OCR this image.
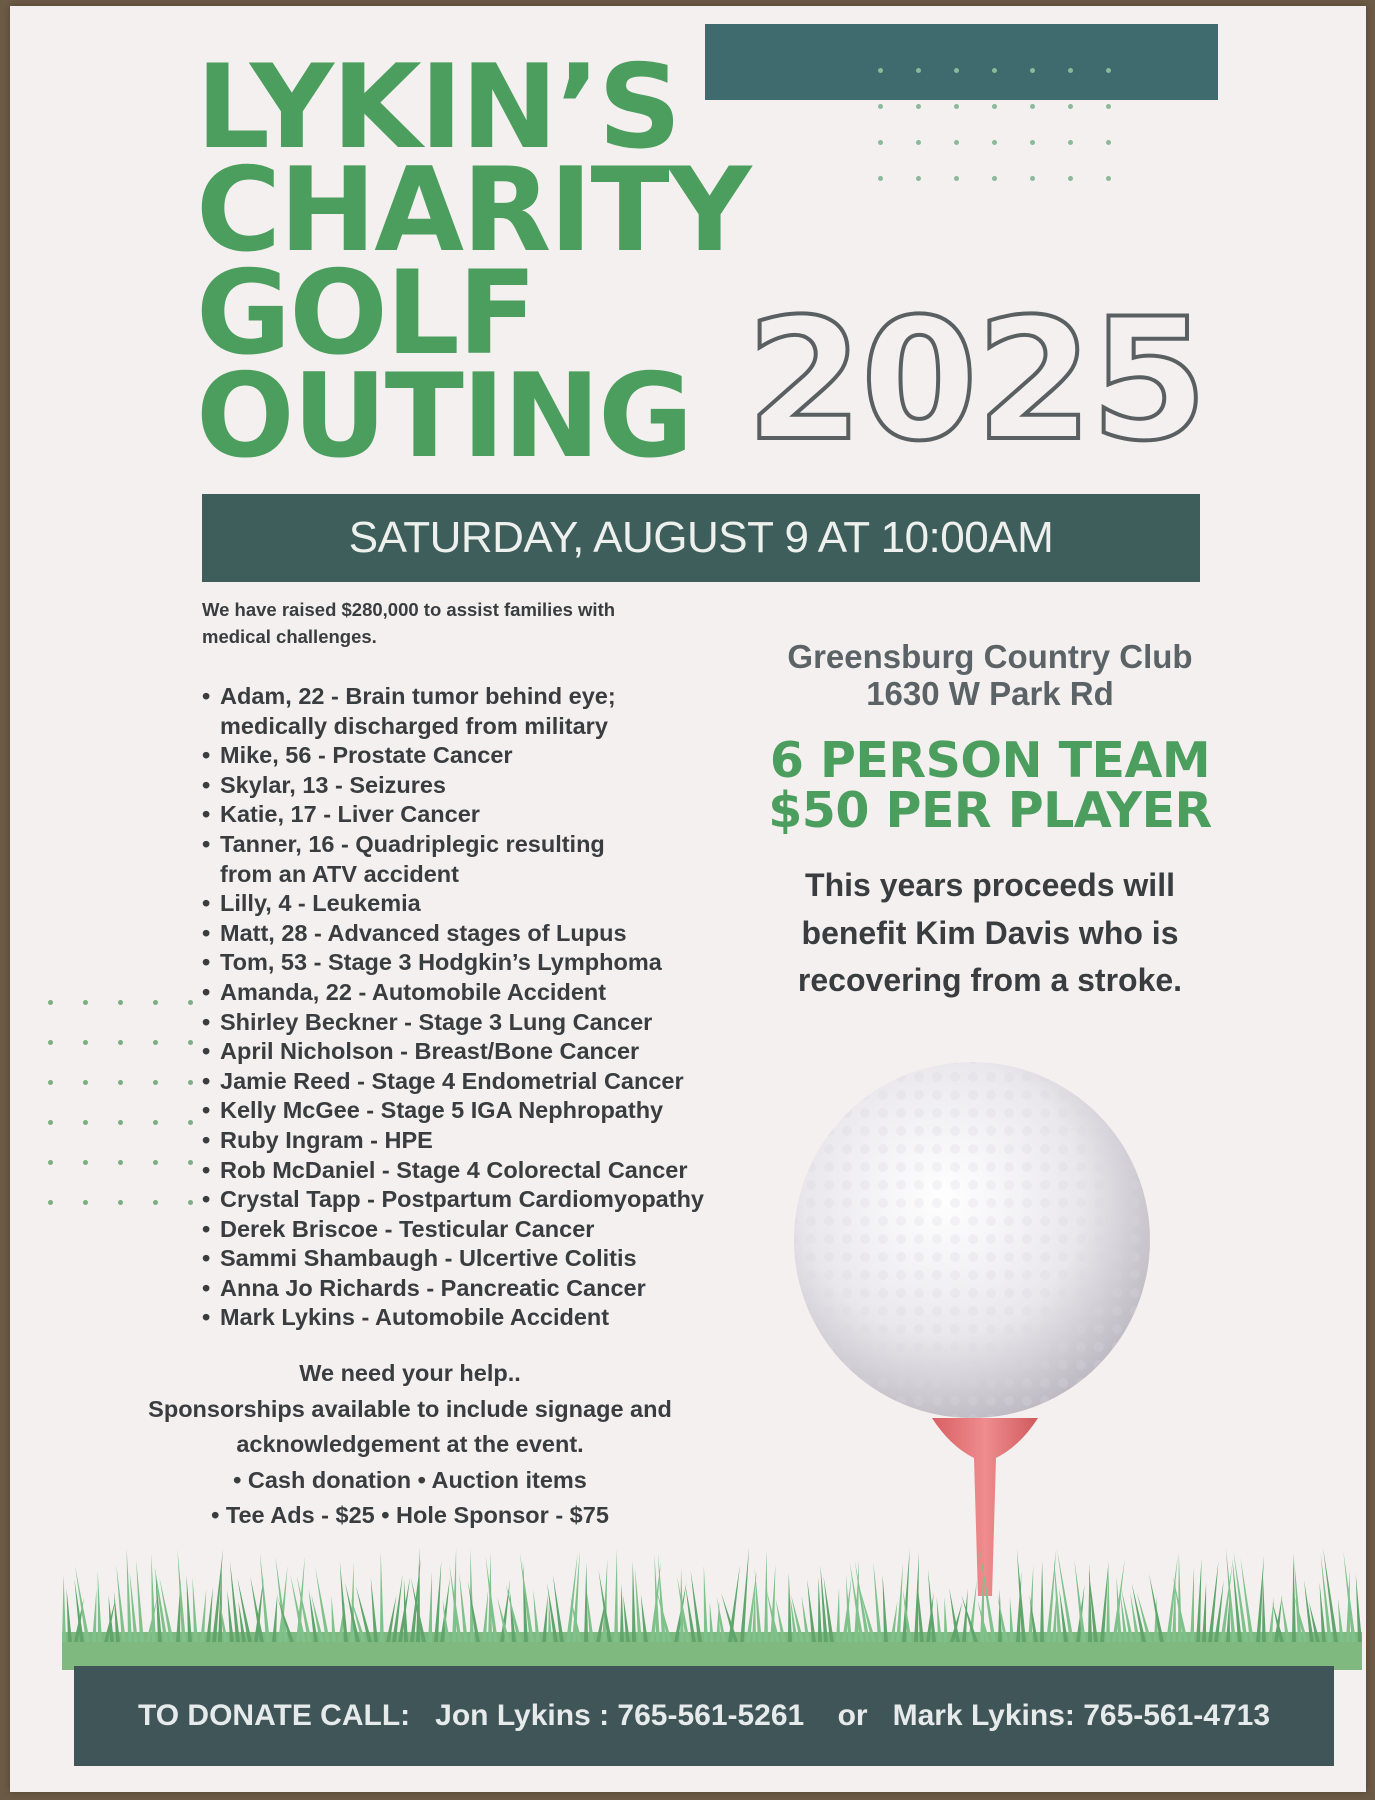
LYKIN’S
CHARITY
GOLF
OUTING 2025
SATURDAY, AUGUST 9 AT 10:00AM

We have raised $280,000 to assist families with medical challenges.

• Adam, 22 - Brain tumor behind eye; medically discharged from military
• Mike, 56 - Prostate Cancer
• Skylar, 13 - Seizures
• Katie, 17 - Liver Cancer
• Tanner, 16 - Quadriplegic resulting from an ATV accident
• Lilly, 4 - Leukemia
• Matt, 28 - Advanced stages of Lupus
• Tom, 53 - Stage 3 Hodgkin’s Lymphoma
• Amanda, 22 - Automobile Accident
• Shirley Beckner - Stage 3 Lung Cancer
• April Nicholson - Breast/Bone Cancer
• Jamie Reed - Stage 4 Endometrial Cancer
• Kelly McGee - Stage 5 IGA Nephropathy
• Ruby Ingram - HPE
• Rob McDaniel - Stage 4 Colorectal Cancer
• Crystal Tapp - Postpartum Cardiomyopathy
• Derek Briscoe - Testicular Cancer
• Sammi Shambaugh - Ulcertive Colitis
• Anna Jo Richards - Pancreatic Cancer
• Mark Lykins - Automobile Accident
We need your help..
Sponsorships available to include signage and
acknowledgement at the event.
• Cash donation • Auction items
• Tee Ads - $25 • Hole Sponsor - $75
Greensburg Country Club
1630 W Park Rd
6 PERSON TEAM
$50 PER PLAYER
This years proceeds will
benefit Kim Davis who is
recovering from a stroke.
TO DONATE CALL:   Jon Lykins : 765-561-5261    or   Mark Lykins: 765-561-4713
